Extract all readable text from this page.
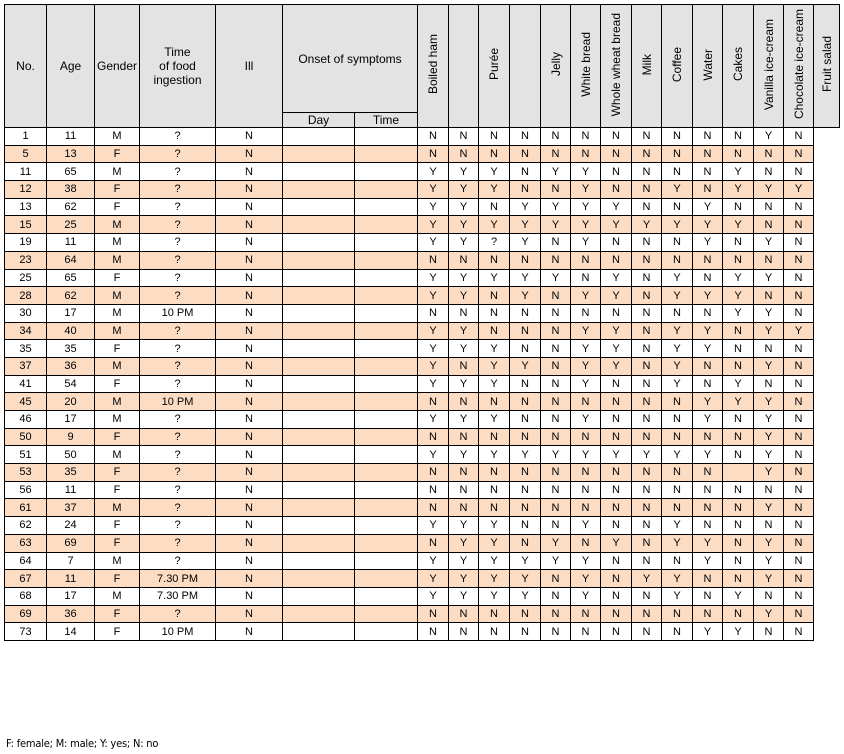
No.	Age	Gender	Time
of food
ingestion	Ill	Onset of symptoms		Boiled ham		Purée		Jelly	White bread	Whole wheat bread	Milk	Coffee	Water	Cakes	Vanilla ice-cream	Chocolate ice-cream	Fruit salad
					Day	Time														
1	11	M	?	N			N	N	N	N	N	N	N	N	N	N	N	Y	N	
5	13	F	?	N			N	N	N	N	N	N	N	N	N	N	N	N	N	
11	65	M	?	N			Y	Y	Y	N	Y	Y	N	N	N	N	Y	N	N	
12	38	F	?	N			Y	Y	Y	N	N	Y	N	N	Y	N	Y	Y	Y	
13	62	F	?	N			Y	Y	N	Y	Y	Y	Y	N	N	Y	N	N	N	
15	25	M	?	N			Y	Y	Y	Y	Y	Y	Y	Y	Y	Y	Y	N	N	
19	11	M	?	N			Y	Y	?	Y	N	Y	N	N	N	Y	N	Y	N	
23	64	M	?	N			N	N	N	N	N	N	N	N	N	N	N	N	N	
25	65	F	?	N			Y	Y	Y	Y	Y	N	Y	N	Y	N	Y	Y	N	
28	62	M	?	N			Y	Y	N	Y	N	Y	Y	N	Y	Y	Y	N	N	
30	17	M	10 PM	N			N	N	N	N	N	N	N	N	N	N	Y	Y	N	
34	40	M	?	N			Y	Y	N	N	N	Y	Y	N	Y	Y	N	Y	Y	
35	35	F	?	N			Y	Y	Y	N	N	Y	Y	N	Y	Y	N	N	N	
37	36	M	?	N			Y	N	Y	Y	N	Y	Y	N	Y	N	N	Y	N	
41	54	F	?	N			Y	Y	Y	N	N	Y	N	N	Y	N	Y	N	N	
45	20	M	10 PM	N			N	N	N	N	N	N	N	N	N	Y	Y	Y	N	
46	17	M	?	N			Y	Y	Y	N	N	Y	N	N	N	Y	N	Y	N	
50	9	F	?	N			N	N	N	N	N	N	N	N	N	N	N	Y	N	
51	50	M	?	N			Y	Y	Y	Y	Y	Y	Y	Y	Y	Y	N	Y	N	
53	35	F	?	N			N	N	N	N	N	N	N	N	N	N		Y	N	
56	11	F	?	N			N	N	N	N	N	N	N	N	N	N	N	N	N	
61	37	M	?	N			N	N	N	N	N	N	N	N	N	N	N	Y	N	
62	24	F	?	N			Y	Y	Y	N	N	Y	N	N	Y	N	N	N	N	
63	69	F	?	N			N	Y	Y	N	Y	N	Y	N	Y	Y	N	Y	N	
64	7	M	?	N			Y	Y	Y	Y	Y	Y	N	N	N	Y	N	Y	N	
67	11	F	7.30 PM	N			Y	Y	Y	Y	N	Y	N	Y	Y	N	N	Y	N	
68	17	M	7.30 PM	N			Y	Y	Y	Y	N	Y	N	N	Y	N	Y	N	N	
69	36	F	?	N			N	N	N	N	N	N	N	N	N	N	N	Y	N	
73	14	F	10 PM	N			N	N	N	N	N	N	N	N	N	Y	Y	N	N	
F: female; M: male; Y: yes; N: no
